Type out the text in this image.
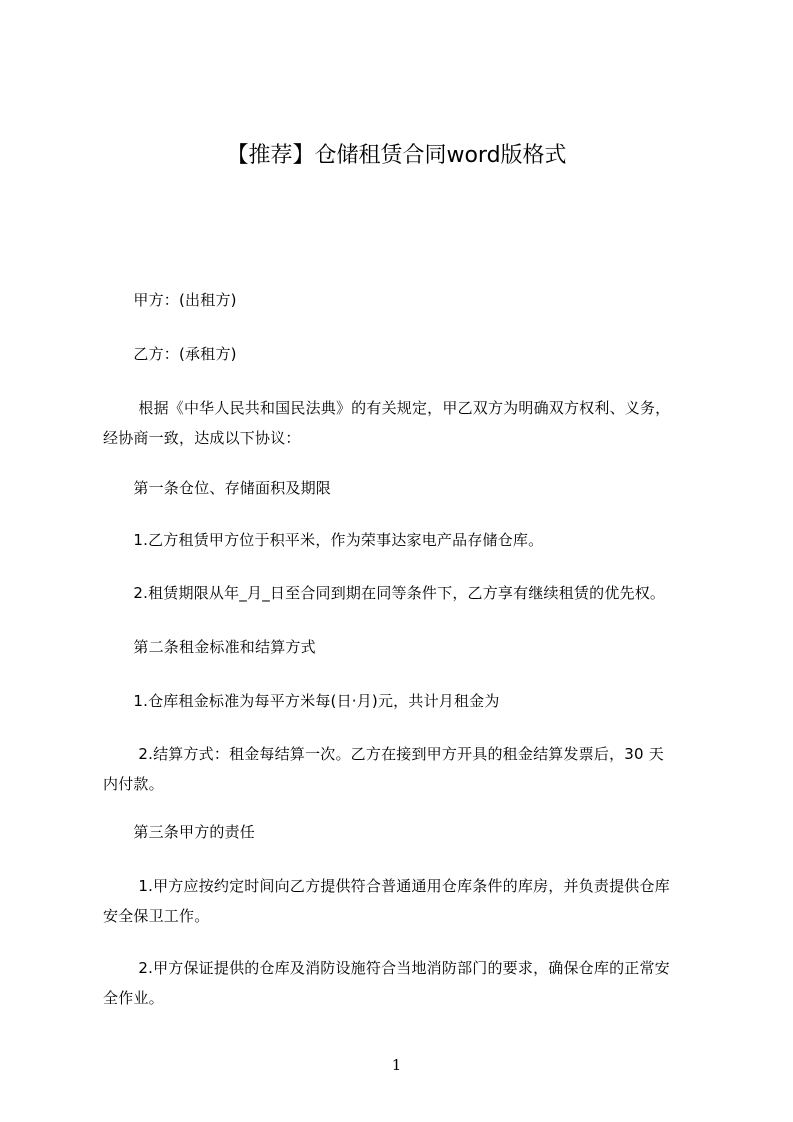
【推荐】仓储租赁合同word版格式
　　甲方：(出租方)
　　乙方：(承租方)
　　 根据《中华人民共和国民法典》的有关规定，甲乙双方为明确双方权利、义务，
经协商一致，达成以下协议：
　　第一条仓位、存储面积及期限
　　1.乙方租赁甲方位于积平米，作为荣事达家电产品存储仓库。
　　2.租赁期限从年_月_日至合同到期在同等条件下，乙方享有继续租赁的优先权。
　　第二条租金标准和结算方式
　　1.仓库租金标准为每平方米每(日·月)元，共计月租金为
　　 2.结算方式：租金每结算一次。乙方在接到甲方开具的租金结算发票后，30 天
内付款。
　　第三条甲方的责任
　　 1.甲方应按约定时间向乙方提供符合普通通用仓库条件的库房，并负责提供仓库
安全保卫工作。
　　 2.甲方保证提供的仓库及消防设施符合当地消防部门的要求，确保仓库的正常安
全作业。
1
